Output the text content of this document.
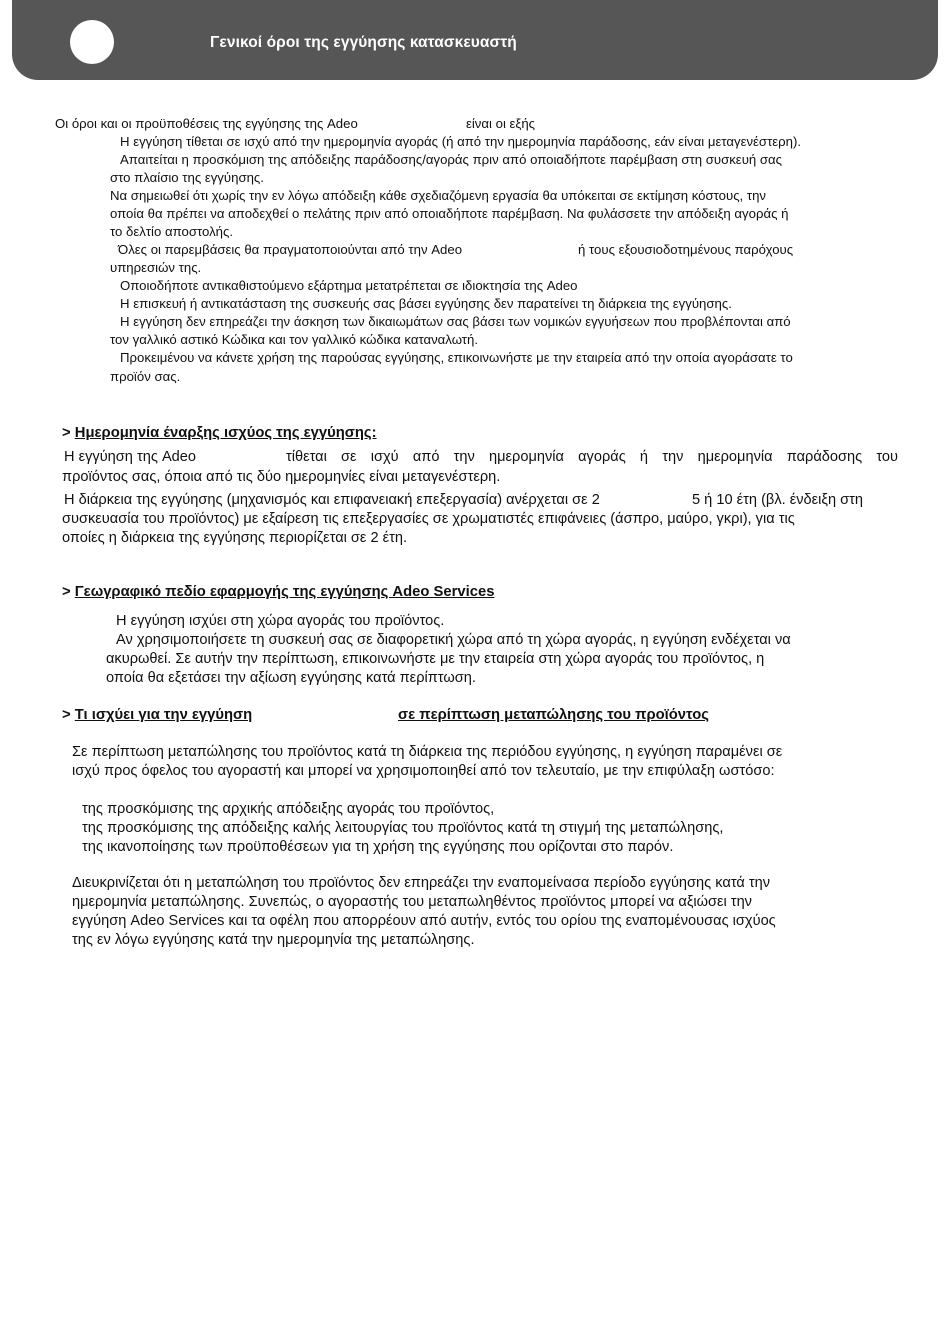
Γενικοί όροι της εγγύησης κατασκευαστή
Οι όροι και οι προϋποθέσεις της εγγύησης της Adeo	είναι οι εξής
Η εγγύηση τίθεται σε ισχύ από την ημερομηνία αγοράς (ή από την ημερομηνία παράδοσης, εάν είναι μεταγενέστερη).
Απαιτείται η προσκόμιση της απόδειξης παράδοσης/αγοράς πριν από οποιαδήποτε παρέμβαση στη συσκευή σας
στο πλαίσιο της εγγύησης.
Να σημειωθεί ότι χωρίς την εν λόγω απόδειξη κάθε σχεδιαζόμενη εργασία θα υπόκειται σε εκτίμηση κόστους, την
οποία θα πρέπει να αποδεχθεί ο πελάτης πριν από οποιαδήποτε παρέμβαση. Να φυλάσσετε την απόδειξη αγοράς ή
το δελτίο αποστολής.
Όλες οι παρεμβάσεις θα πραγματοποιούνται από την Adeo	ή τους εξουσιοδοτημένους παρόχους
υπηρεσιών της.
Οποιοδήποτε αντικαθιστούμενο εξάρτημα μετατρέπεται σε ιδιοκτησία της Adeo
Η επισκευή ή αντικατάσταση της συσκευής σας βάσει εγγύησης δεν παρατείνει τη διάρκεια της εγγύησης.
Η εγγύηση δεν επηρεάζει την άσκηση των δικαιωμάτων σας βάσει των νομικών εγγυήσεων που προβλέπονται από
τον γαλλικό αστικό Κώδικα και τον γαλλικό κώδικα καταναλωτή.
Προκειμένου να κάνετε χρήση της παρούσας εγγύησης, επικοινωνήστε με την εταιρεία από την οποία αγοράσατε το
προϊόν σας.
> Ημερομηνία έναρξης ισχύος της εγγύησης:
Η εγγύηση της Adeo	τίθεται σε ισχύ από την ημερομηνία αγοράς ή την ημερομηνία παράδοσης του
προϊόντος σας, όποια από τις δύο ημερομηνίες είναι μεταγενέστερη.
Η διάρκεια της εγγύησης (μηχανισμός και επιφανειακή επεξεργασία) ανέρχεται σε 2	5 ή 10 έτη (βλ. ένδειξη στη
συσκευασία του προϊόντος) με εξαίρεση τις επεξεργασίες σε χρωματιστές επιφάνειες (άσπρο, μαύρο, γκρι), για τις
οποίες η διάρκεια της εγγύησης περιορίζεται σε 2 έτη.
> Γεωγραφικό πεδίο εφαρμογής της εγγύησης Adeo Services
Η εγγύηση ισχύει στη χώρα αγοράς του προϊόντος.
Αν χρησιμοποιήσετε τη συσκευή σας σε διαφορετική χώρα από τη χώρα αγοράς, η εγγύηση ενδέχεται να
ακυρωθεί. Σε αυτήν την περίπτωση, επικοινωνήστε με την εταιρεία στη χώρα αγοράς του προϊόντος, η
οποία θα εξετάσει την αξίωση εγγύησης κατά περίπτωση.
> Τι ισχύει για την εγγύηση	σε περίπτωση μεταπώλησης του προϊόντος
Σε περίπτωση μεταπώλησης του προϊόντος κατά τη διάρκεια της περιόδου εγγύησης, η εγγύηση παραμένει σε
ισχύ προς όφελος του αγοραστή και μπορεί να χρησιμοποιηθεί από τον τελευταίο, με την επιφύλαξη ωστόσο:
της προσκόμισης της αρχικής απόδειξης αγοράς του προϊόντος,
της προσκόμισης της απόδειξης καλής λειτουργίας του προϊόντος κατά τη στιγμή της μεταπώλησης,
της ικανοποίησης των προϋποθέσεων για τη χρήση της εγγύησης που ορίζονται στο παρόν.
Διευκρινίζεται ότι η μεταπώληση του προϊόντος δεν επηρεάζει την εναπομείνασα περίοδο εγγύησης κατά την
ημερομηνία μεταπώλησης. Συνεπώς, ο αγοραστής του μεταπωληθέντος προϊόντος μπορεί να αξιώσει την
εγγύηση Adeo Services και τα οφέλη που απορρέουν από αυτήν, εντός του ορίου της εναπομένουσας ισχύος
της εν λόγω εγγύησης κατά την ημερομηνία της μεταπώλησης.
